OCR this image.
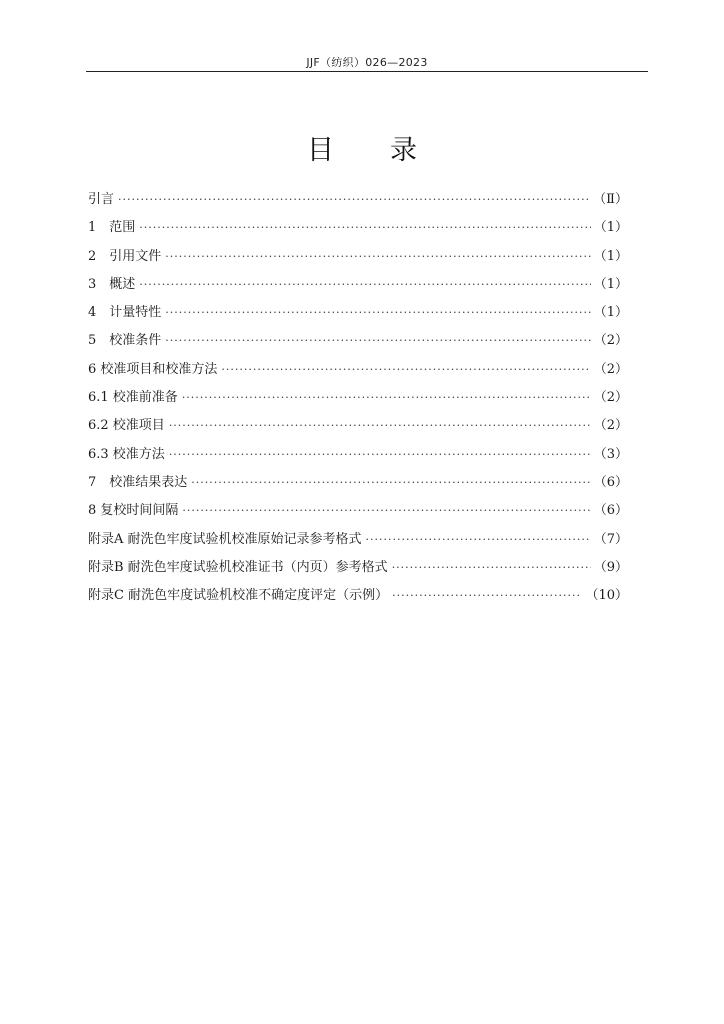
JJF（纺织）026—2023
目录
引言 ·····	（Ⅱ）
1　范围 ·····	（1）
2　引用文件 ·····	（1）
3　概述 ·····	（1）
4　计量特性 ·····	（1）
5　校准条件 ·····	（2）
6 校准项目和校准方法 ·····	（2）
6.1 校准前准备 ·····	（2）
6.2 校准项目 ·····	（2）
6.3 校准方法 ·····	（3）
7　校准结果表达 ·····	（6）
8 复校时间间隔 ·····	（6）
附录A 耐洗色牢度试验机校准原始记录参考格式 ·····	（7）
附录B 耐洗色牢度试验机校准证书（内页）参考格式 ·····	（9）
附录C 耐洗色牢度试验机校准不确定度评定（示例） ·····	（10）
